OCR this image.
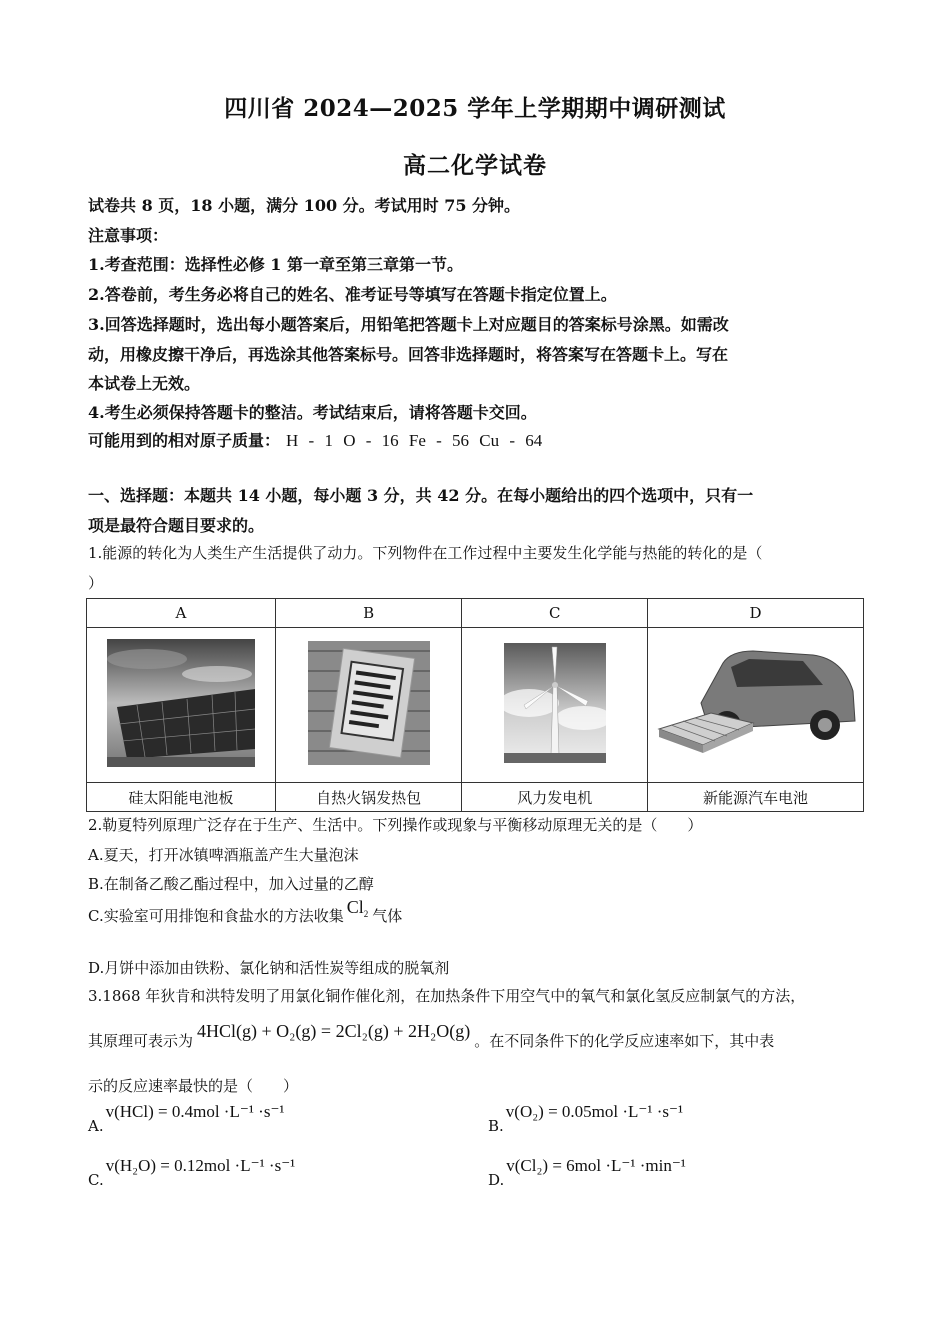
四川省 2024—2025 学年上学期期中调研测试
高二化学试卷
试卷共 8 页，18 小题，满分 100 分。考试用时 75 分钟。
注意事项：
1.考查范围：选择性必修 1 第一章至第三章第一节。
2.答卷前，考生务必将自己的姓名、准考证号等填写在答题卡指定位置上。
3.回答选择题时，选出每小题答案后，用铅笔把答题卡上对应题目的答案标号涂黑。如需改
动，用橡皮擦干净后，再选涂其他答案标号。回答非选择题时，将答案写在答题卡上。写在
本试卷上无效。
4.考生必须保持答题卡的整洁。考试结束后，请将答题卡交回。
可能用到的相对原子质量： H - 1 O - 16 Fe - 56 Cu - 64
一、选择题：本题共 14 小题，每小题 3 分，共 42 分。在每小题给出的四个选项中，只有一
项是最符合题目要求的。
1.能源的转化为人类生产生活提供了动力。下列物件在工作过程中主要发生化学能与热能的转化的是（
）
A	B	C	D

硅太阳能电池板	自热火锅发热包	风力发电机	新能源汽车电池
2.勒夏特列原理广泛存在于生产、生活中。下列操作或现象与平衡移动原理无关的是（　　）
A.夏天，打开冰镇啤酒瓶盖产生大量泡沫
B.在制备乙酸乙酯过程中，加入过量的乙醇
C.实验室可用排饱和食盐水的方法收集 $Cl_2$ 气体
D.月饼中添加由铁粉、氯化钠和活性炭等组成的脱氧剂
3.1868 年狄肯和洪特发明了用氯化铜作催化剂，在加热条件下用空气中的氧气和氯化氢反应制氯气的方法，
其原理可表示为 4HCl(g) + O₂(g) = 2Cl₂(g) + 2H₂O(g) 。在不同条件下的化学反应速率如下，其中表
示的反应速率最快的是（　　）
A.v(HCl) = 0.4mol ·L⁻¹ ·s⁻¹
B.v(O₂) = 0.05mol ·L⁻¹ ·s⁻¹
C.v(H₂O) = 0.12mol ·L⁻¹ ·s⁻¹
D.v(Cl₂) = 6mol ·L⁻¹ ·min⁻¹
